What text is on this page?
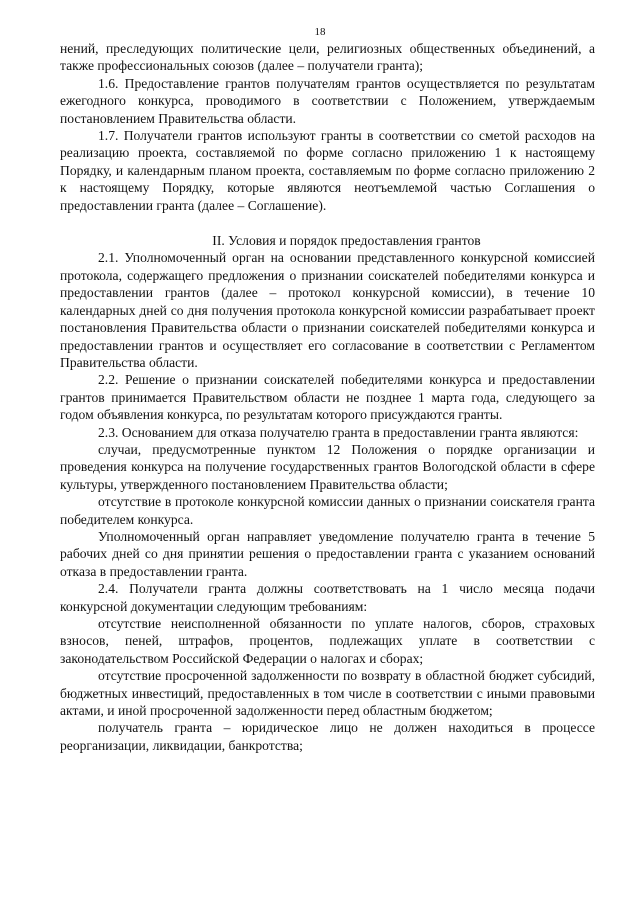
18

нений, преследующих политические цели, религиозных общественных объединений, а также профессиональных союзов (далее – получатели гранта);

1.6. Предоставление грантов получателям грантов осуществляется по результатам ежегодного конкурса, проводимого в соответствии с Положением, утверждаемым постановлением Правительства области.

1.7. Получатели грантов используют гранты в соответствии со сметой расходов на реализацию проекта, составляемой по форме согласно приложению 1 к настоящему Порядку, и календарным планом проекта, составляемым по форме согласно приложению 2 к настоящему Порядку, которые являются неотъемлемой частью Соглашения о предоставлении гранта (далее – Соглашение).

II. Условия и порядок предоставления грантов

2.1. Уполномоченный орган на основании представленного конкурсной комиссией протокола, содержащего предложения о признании соискателей победителями конкурса и предоставлении грантов (далее – протокол конкурсной комиссии), в течение 10 календарных дней со дня получения протокола конкурсной комиссии разрабатывает проект постановления Правительства области о признании соискателей победителями конкурса и предоставлении грантов и осуществляет его согласование в соответствии с Регламентом Правительства области.

2.2. Решение о признании соискателей победителями конкурса и предоставлении грантов принимается Правительством области не позднее 1 марта года, следующего за годом объявления конкурса, по результатам которого присуждаются гранты.

2.3. Основанием для отказа получателю гранта в предоставлении гранта являются:

случаи, предусмотренные пунктом 12 Положения о порядке организации и проведения конкурса на получение государственных грантов Вологодской области в сфере культуры, утвержденного постановлением Правительства области;

отсутствие в протоколе конкурсной комиссии данных о признании соискателя гранта победителем конкурса.

Уполномоченный орган направляет уведомление получателю гранта в течение 5 рабочих дней со дня принятии решения о предоставлении гранта с указанием оснований отказа в предоставлении гранта.

2.4. Получатели гранта должны соответствовать на 1 число месяца подачи конкурсной документации следующим требованиям:

отсутствие неисполненной обязанности по уплате налогов, сборов, страховых взносов, пеней, штрафов, процентов, подлежащих уплате в соответствии с законодательством Российской Федерации о налогах и сборах;

отсутствие просроченной задолженности по возврату в областной бюджет субсидий, бюджетных инвестиций, предоставленных в том числе в соответствии с иными правовыми актами, и иной просроченной задолженности перед областным бюджетом;

получатель гранта – юридическое лицо не должен находиться в процессе реорганизации, ликвидации, банкротства;
